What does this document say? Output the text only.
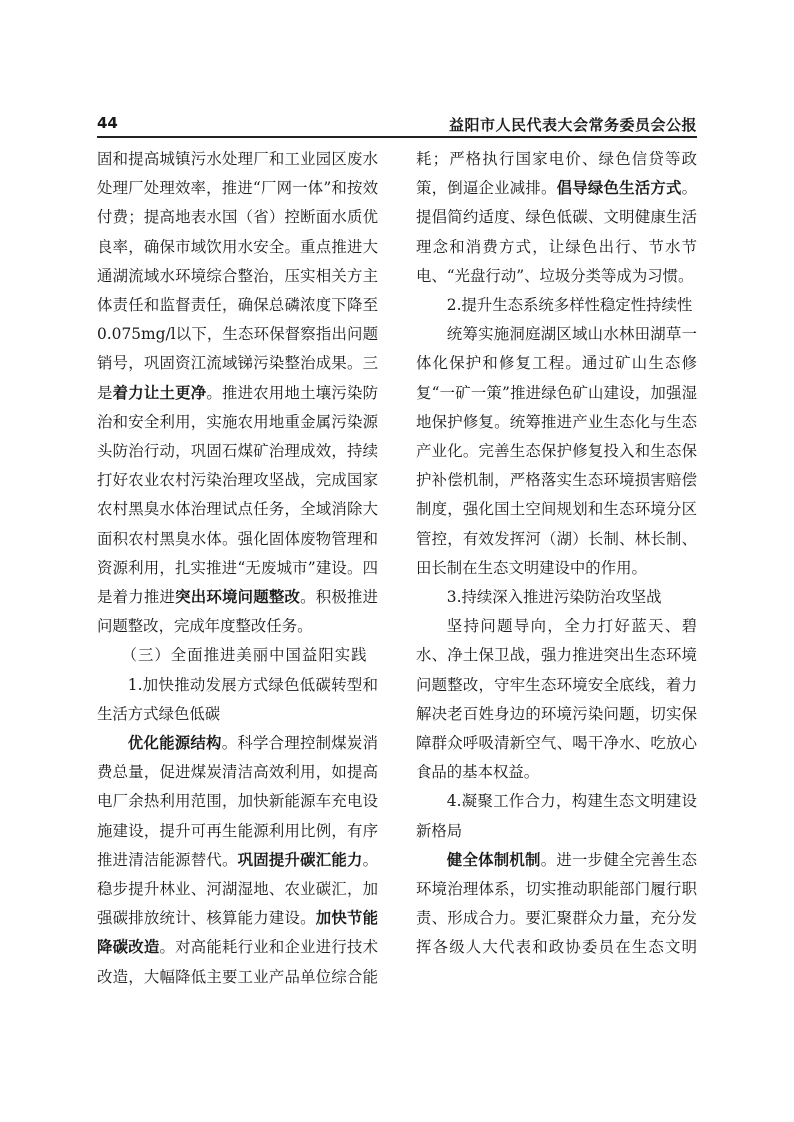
44	益阳市人民代表大会常务委员会公报

固和提高城镇污水处理厂和工业园区废水处理厂处理效率，推进“厂网一体”和按效付费；提高地表水国（省）控断面水质优良率，确保市域饮用水安全。重点推进大通湖流域水环境综合整治，压实相关方主体责任和监督责任，确保总磷浓度下降至0.075mg/l以下，生态环保督察指出问题销号，巩固资江流域锑污染整治成果。三是着力让土更净。推进农用地土壤污染防治和安全利用，实施农用地重金属污染源头防治行动，巩固石煤矿治理成效，持续打好农业农村污染治理攻坚战，完成国家农村黑臭水体治理试点任务，全域消除大面积农村黑臭水体。强化固体废物管理和资源利用，扎实推进“无废城市”建设。四是着力推进突出环境问题整改。积极推进问题整改，完成年度整改任务。

（三）全面推进美丽中国益阳实践

1.加快推动发展方式绿色低碳转型和生活方式绿色低碳

优化能源结构。科学合理控制煤炭消费总量，促进煤炭清洁高效利用，如提高电厂余热利用范围，加快新能源车充电设施建设，提升可再生能源利用比例，有序推进清洁能源替代。巩固提升碳汇能力。稳步提升林业、河湖湿地、农业碳汇，加强碳排放统计、核算能力建设。加快节能降碳改造。对高能耗行业和企业进行技术改造，大幅降低主要工业产品单位综合能

耗；严格执行国家电价、绿色信贷等政策，倒逼企业减排。倡导绿色生活方式。提倡简约适度、绿色低碳、文明健康生活理念和消费方式，让绿色出行、节水节电、“光盘行动”、垃圾分类等成为习惯。

2.提升生态系统多样性稳定性持续性

统筹实施洞庭湖区域山水林田湖草一体化保护和修复工程。通过矿山生态修复“一矿一策”推进绿色矿山建设，加强湿地保护修复。统筹推进产业生态化与生态产业化。完善生态保护修复投入和生态保护补偿机制，严格落实生态环境损害赔偿制度，强化国土空间规划和生态环境分区管控，有效发挥河（湖）长制、林长制、田长制在生态文明建设中的作用。

3.持续深入推进污染防治攻坚战

坚持问题导向，全力打好蓝天、碧水、净土保卫战，强力推进突出生态环境问题整改，守牢生态环境安全底线，着力解决老百姓身边的环境污染问题，切实保障群众呼吸清新空气、喝干净水、吃放心食品的基本权益。

4.凝聚工作合力，构建生态文明建设新格局

健全体制机制。进一步健全完善生态环境治理体系，切实推动职能部门履行职责、形成合力。要汇聚群众力量，充分发挥各级人大代表和政协委员在生态文明
